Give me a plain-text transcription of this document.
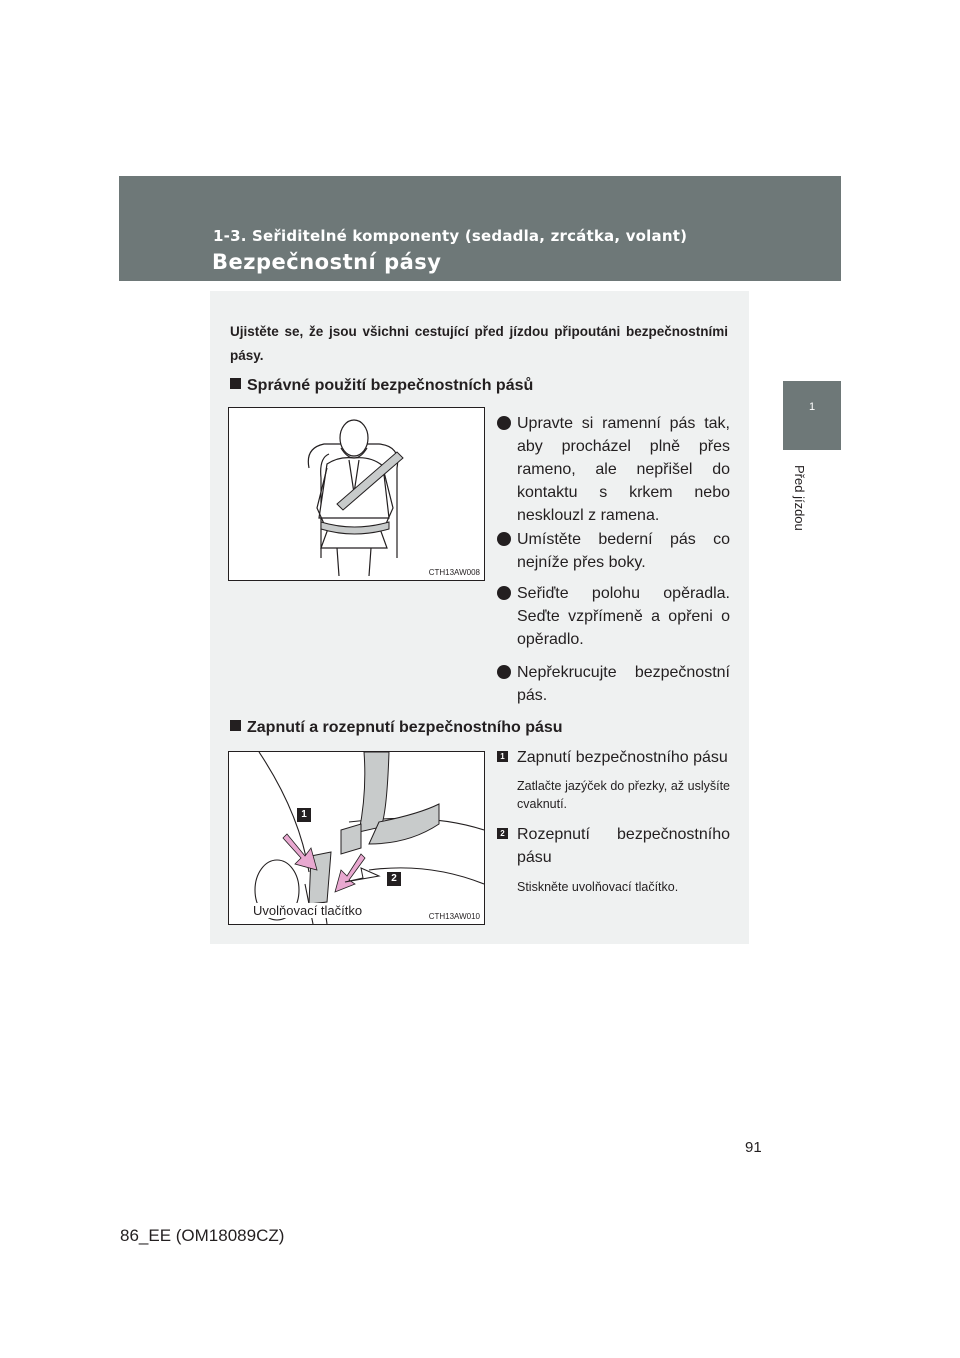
1-3. Seřiditelné komponenty (sedadla, zrcátka, volant)
Bezpečnostní pásy
1
Před jízdou
Ujistěte se, že jsou všichni cestující před jízdou připoutáni bezpečnostními pásy.
Správné použití bezpečnostních pásů
CTH13AW008
Upravte si ramenní pás tak, aby procházel plně přes rameno, ale nepřišel do kontaktu s krkem nebo nesklouzl z ramena.
Umístěte bederní pás co nejníže přes boky.
Seřiďte polohu opěradla. Seďte vzpřímeně a opřeni o opěradlo.
Nepřekrucujte bezpečnostní pás.
Zapnutí a rozepnutí bezpečnostního pásu
1
2
Uvolňovací tlačítko	CTH13AW010
1 Zapnutí bezpečnostního pásu
Zatlačte jazýček do přezky, až uslyšíte cvaknutí.
2 Rozepnutí bezpečnostního pásu
Stiskněte uvolňovací tlačítko.
91
86_EE (OM18089CZ)
